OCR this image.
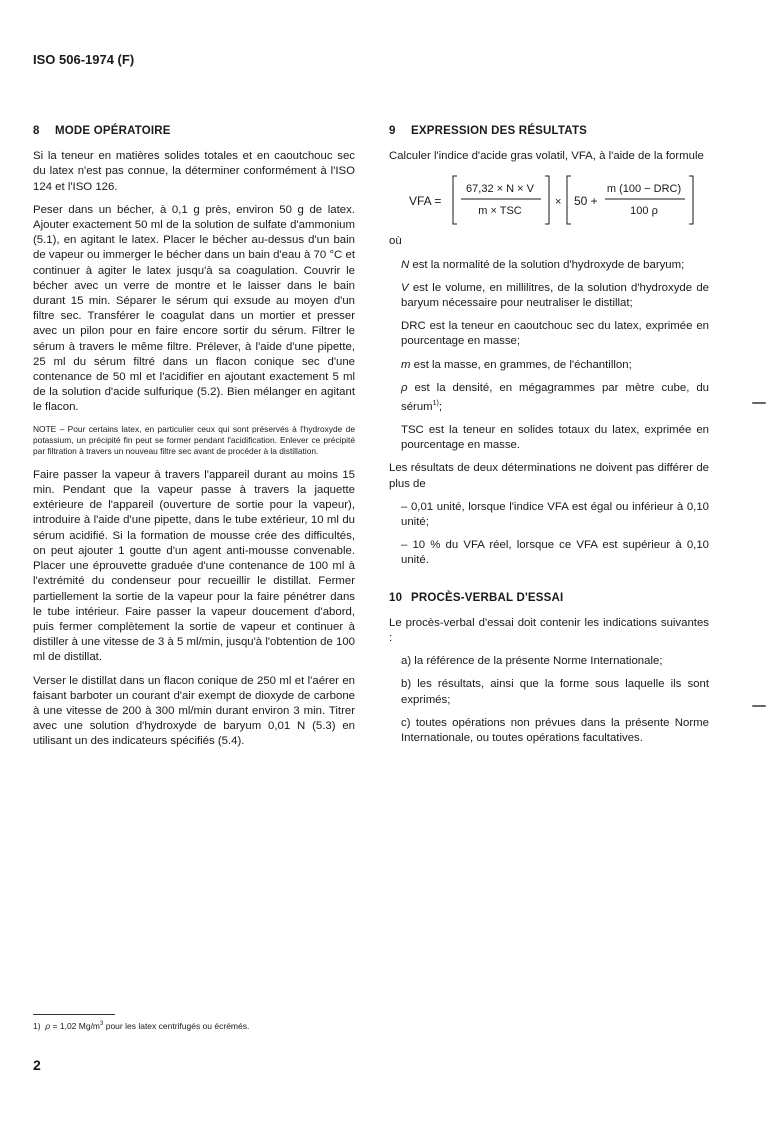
ISO 506-1974 (F)
8 MODE OPÉRATOIRE

Si la teneur en matières solides totales et en caoutchouc sec du latex n'est pas connue, la déterminer conformément à l'ISO 124 et l'ISO 126.

Peser dans un bécher, à 0,1 g près, environ 50 g de latex. Ajouter exactement 50 ml de la solution de sulfate d'ammonium (5.1), en agitant le latex. Placer le bécher au-dessus d'un bain de vapeur ou immerger le bécher dans un bain d'eau à 70 °C et continuer à agiter le latex jusqu'à sa coagulation. Couvrir le bécher avec un verre de montre et le laisser dans le bain durant 15 min. Séparer le sérum qui exsude au moyen d'un filtre sec. Transférer le coagulat dans un mortier et presser avec un pilon pour en faire encore sortir du sérum. Filtrer le sérum à travers le même filtre. Prélever, à l'aide d'une pipette, 25 ml du sérum filtré dans un flacon conique sec d'une contenance de 50 ml et l'acidifier en ajoutant exactement 5 ml de la solution d'acide sulfurique (5.2). Bien mélanger en agitant le flacon.

NOTE – Pour certains latex, en particulier ceux qui sont préservés à l'hydroxyde de potassium, un précipité fin peut se former pendant l'acidification. Enlever ce précipité par filtration à travers un nouveau filtre sec avant de procéder à la distillation.

Faire passer la vapeur à travers l'appareil durant au moins 15 min. Pendant que la vapeur passe à travers la jaquette extérieure de l'appareil (ouverture de sortie pour la vapeur), introduire à l'aide d'une pipette, dans le tube extérieur, 10 ml du sérum acidifié. Si la formation de mousse crée des difficultés, on peut ajouter 1 goutte d'un agent anti-mousse convenable. Placer une éprouvette graduée d'une contenance de 100 ml à l'extrémité du condenseur pour recueillir le distillat. Fermer partiellement la sortie de la vapeur pour la faire pénétrer dans le tube intérieur. Faire passer la vapeur doucement d'abord, puis fermer complètement la sortie de vapeur et continuer à distiller à une vitesse de 3 à 5 ml/min, jusqu'à l'obtention de 100 ml de distillat.

Verser le distillat dans un flacon conique de 250 ml et l'aérer en faisant barboter un courant d'air exempt de dioxyde de carbone à une vitesse de 200 à 300 ml/min durant environ 3 min. Titrer avec une solution d'hydroxyde de baryum 0,01 N (5.3) en utilisant un des indicateurs spécifiés (5.4).

9 EXPRESSION DES RÉSULTATS

Calculer l'indice d'acide gras volatil, VFA, à l'aide de la formule

VFA =
67,32 × N × V
m × TSC
× 50 +
m (100 − DRC)
100 ρ

où

N est la normalité de la solution d'hydroxyde de baryum;

V est le volume, en millilitres, de la solution d'hydroxyde de baryum nécessaire pour neutraliser le distillat;

DRC est la teneur en caoutchouc sec du latex, exprimée en pourcentage en masse;

m est la masse, en grammes, de l'échantillon;

ρ est la densité, en mégagrammes par mètre cube, du sérum$^{1)}$;

TSC est la teneur en solides totaux du latex, exprimée en pourcentage en masse.

Les résultats de deux déterminations ne doivent pas différer de plus de

– 0,01 unité, lorsque l'indice VFA est égal ou inférieur à 0,10 unité;

– 10 % du VFA réel, lorsque ce VFA est supérieur à 0,10 unité.

10 PROCÈS-VERBAL D'ESSAI

Le procès-verbal d'essai doit contenir les indications suivantes :

a) la référence de la présente Norme Internationale;

b) les résultats, ainsi que la forme sous laquelle ils sont exprimés;

c) toutes opérations non prévues dans la présente Norme Internationale, ou toutes opérations facultatives.

1) ρ = 1,02 $Mg/m^3$ pour les latex centrifugés ou écrémés.
2
